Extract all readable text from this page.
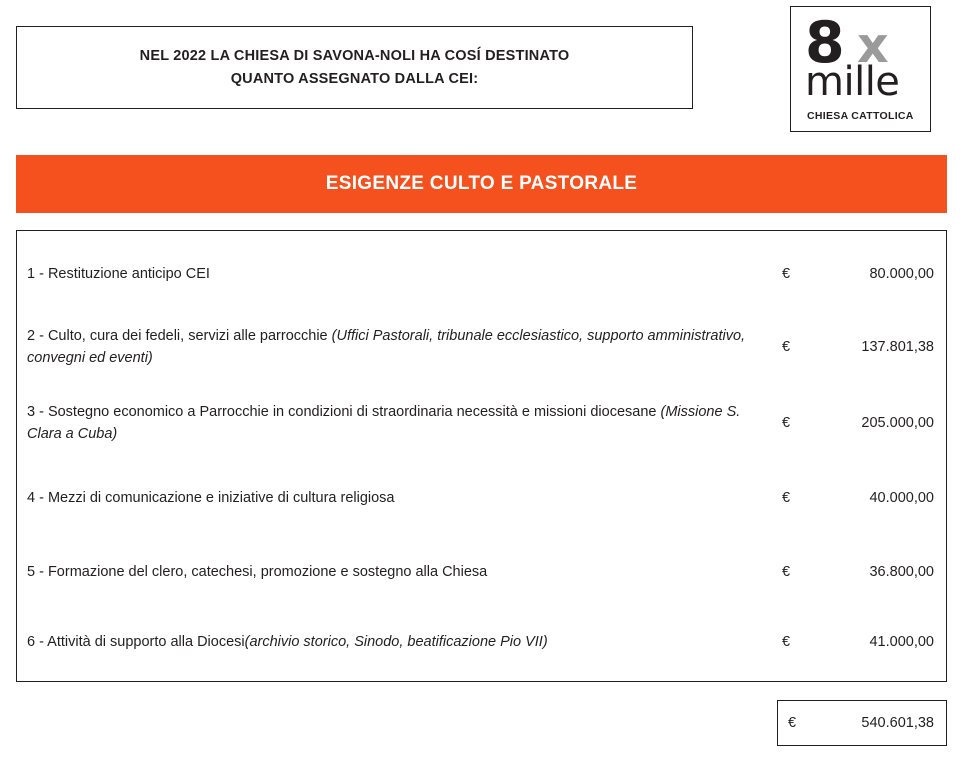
NEL 2022 LA CHIESA DI SAVONA-NOLI HA COSÍ DESTINATO
QUANTO ASSEGNATO DALLA CEI:
8 x
mille
CHIESA CATTOLICA
ESIGENZE CULTO E PASTORALE
1 - Restituzione anticipo CEI	€	80.000,00
2 - Culto, cura dei fedeli, servizi alle parrocchie (Uffici Pastorali, tribunale ecclesiastico, supporto amministrativo, convegni ed eventi)
€	137.801,38
3 - Sostegno economico a Parrocchie in condizioni di straordinaria necessità e missioni diocesane (Missione S. Clara a Cuba)
€	205.000,00
4 - Mezzi di comunicazione e iniziative di cultura religiosa	€	40.000,00
5 - Formazione del clero, catechesi, promozione e sostegno alla Chiesa	€	36.800,00
6 - Attività di supporto alla Diocesi(archivio storico, Sinodo, beatificazione Pio VII)	€	41.000,00
€	540.601,38
